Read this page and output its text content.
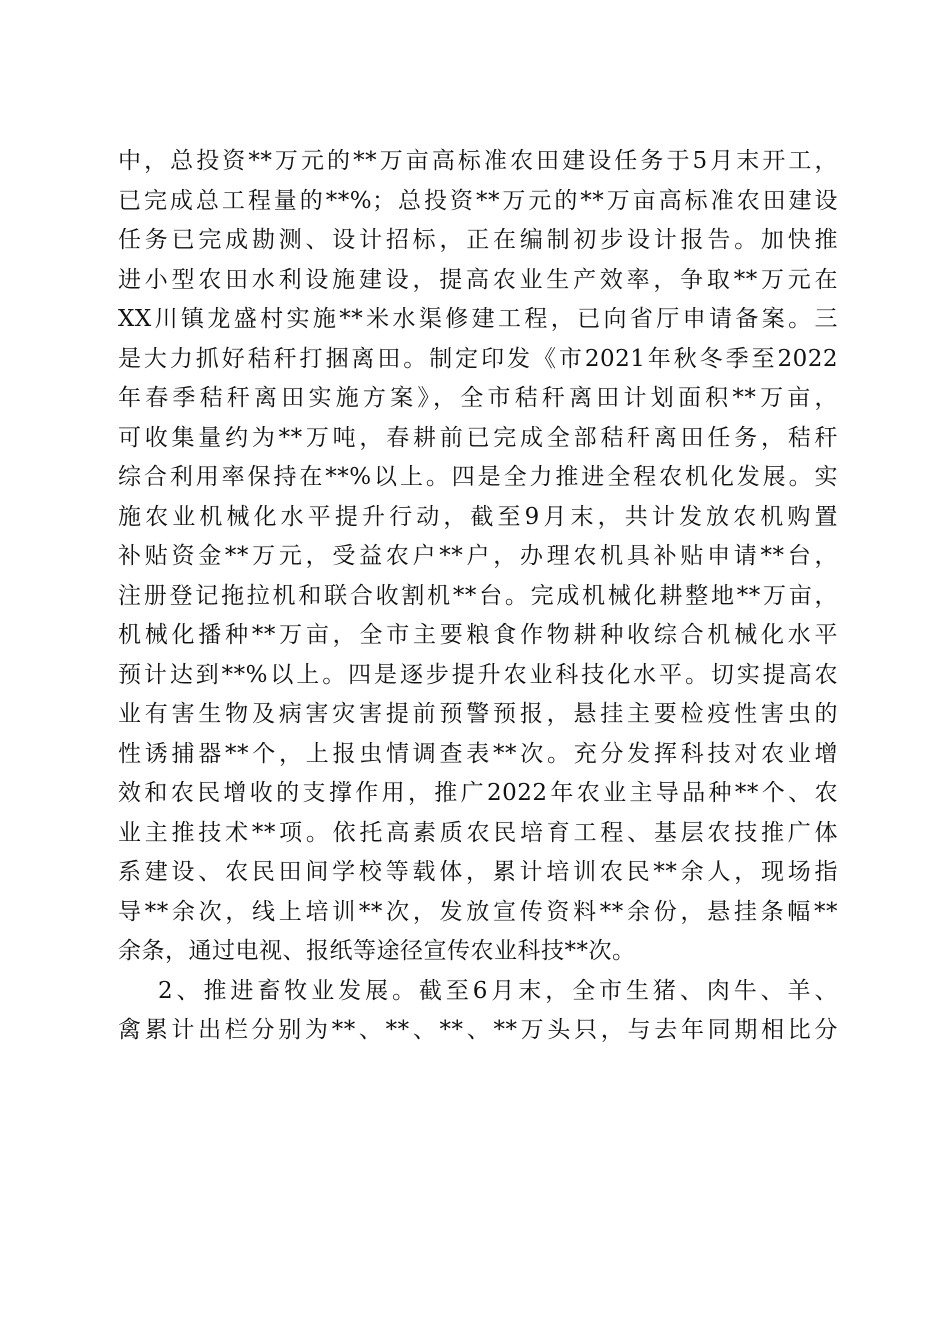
中，总投资**万元的**万亩高标准农田建设任务于5月末开工，
已完成总工程量的**%；总投资**万元的**万亩高标准农田建设
任务已完成勘测、设计招标，正在编制初步设计报告。加快推
进小型农田水利设施建设，提高农业生产效率，争取**万元在
XX川镇龙盛村实施**米水渠修建工程，已向省厅申请备案。三
是大力抓好秸秆打捆离田。制定印发《市2021年秋冬季至2022
年春季秸秆离田实施方案》，全市秸秆离田计划面积**万亩，
可收集量约为**万吨，春耕前已完成全部秸秆离田任务，秸秆
综合利用率保持在**%以上。四是全力推进全程农机化发展。实
施农业机械化水平提升行动，截至9月末，共计发放农机购置
补贴资金**万元，受益农户**户，办理农机具补贴申请**台，
注册登记拖拉机和联合收割机**台。完成机械化耕整地**万亩，
机械化播种**万亩，全市主要粮食作物耕种收综合机械化水平
预计达到**%以上。四是逐步提升农业科技化水平。切实提高农
业有害生物及病害灾害提前预警预报，悬挂主要检疫性害虫的
性诱捕器**个，上报虫情调查表**次。充分发挥科技对农业增
效和农民增收的支撑作用，推广2022年农业主导品种**个、农
业主推技术**项。依托高素质农民培育工程、基层农技推广体
系建设、农民田间学校等载体，累计培训农民**余人，现场指
导**余次，线上培训**次，发放宣传资料**余份，悬挂条幅**
余条，通过电视、报纸等途径宣传农业科技**次。
2、推进畜牧业发展。截至6月末，全市生猪、肉牛、羊、
禽累计出栏分别为**、**、**、**万头只，与去年同期相比分
